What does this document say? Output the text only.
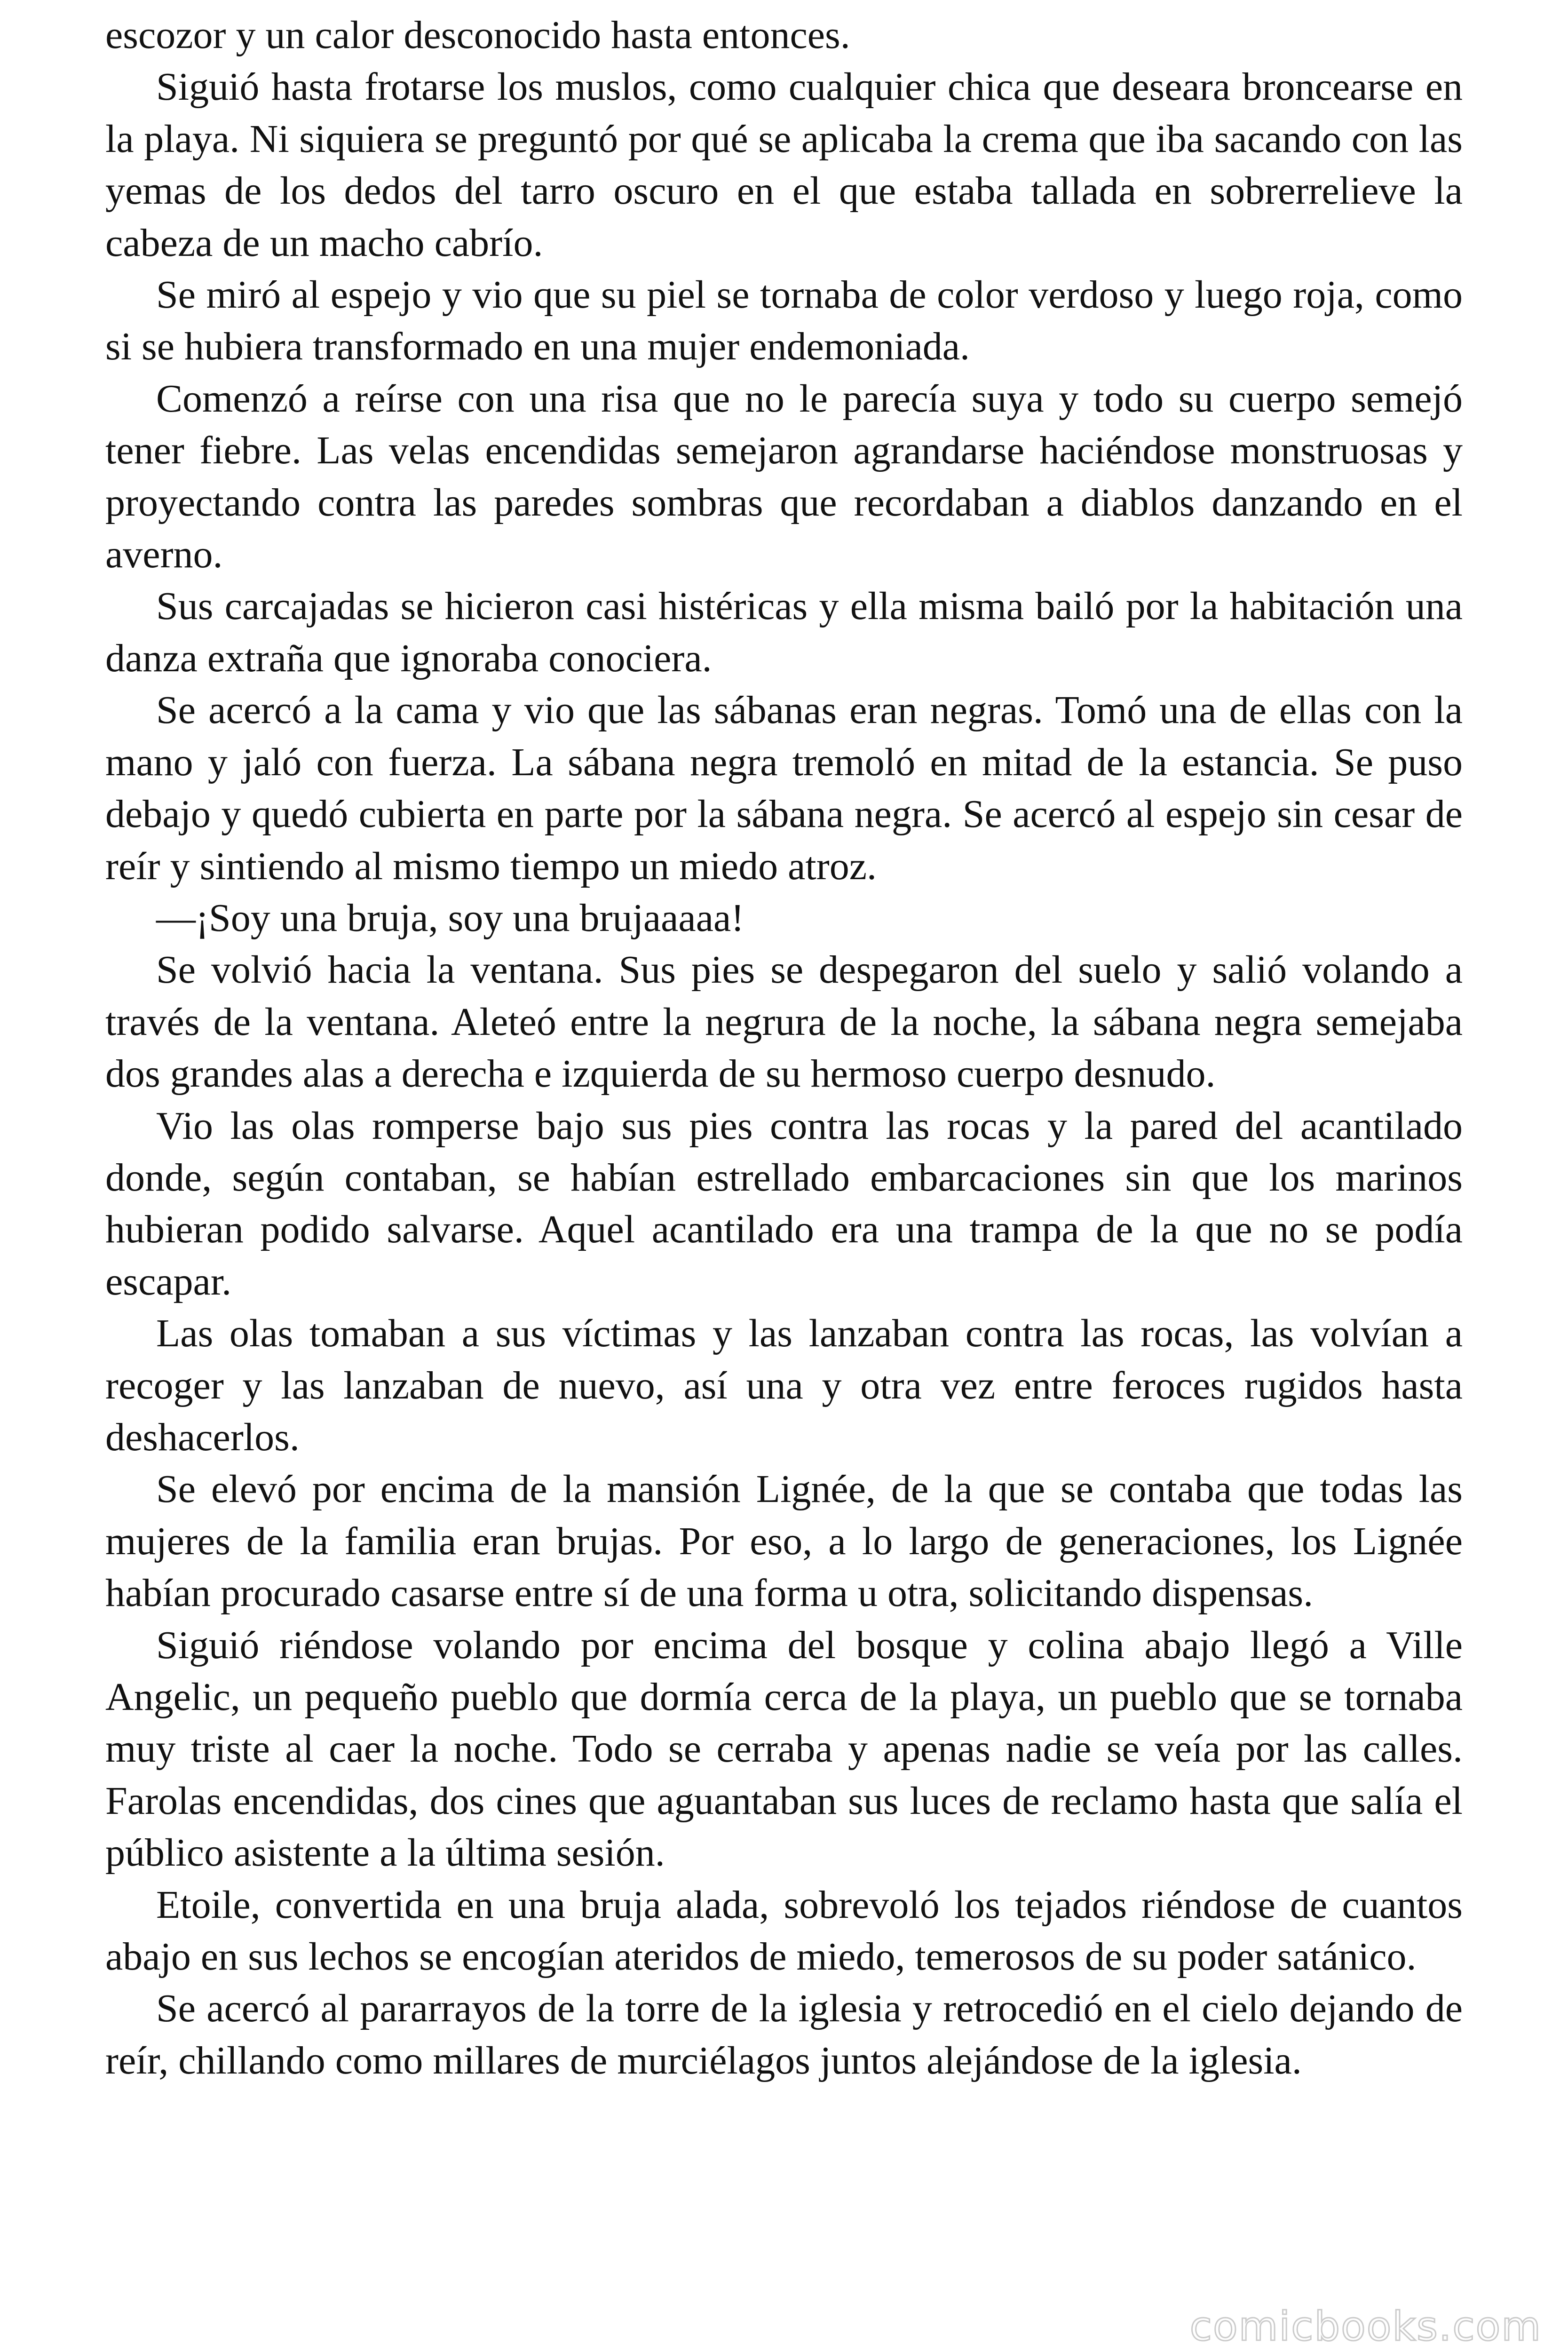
escozor y un calor desconocido hasta entonces.

Siguió hasta frotarse los muslos, como cualquier chica que deseara broncearse en la playa. Ni siquiera se preguntó por qué se aplicaba la crema que iba sacando con las yemas de los dedos del tarro oscuro en el que estaba tallada en sobrerrelieve la cabeza de un macho cabrío.

Se miró al espejo y vio que su piel se tornaba de color verdoso y luego roja, como si se hubiera transformado en una mujer endemoniada.

Comenzó a reírse con una risa que no le parecía suya y todo su cuerpo semejó tener fiebre. Las velas encendidas semejaron agrandarse haciéndose monstruosas y proyectando contra las paredes sombras que recordaban a diablos danzando en el averno.

Sus carcajadas se hicieron casi histéricas y ella misma bailó por la habitación una danza extraña que ignoraba conociera.

Se acercó a la cama y vio que las sábanas eran negras. Tomó una de ellas con la mano y jaló con fuerza. La sábana negra tremoló en mitad de la estancia. Se puso debajo y quedó cubierta en parte por la sábana negra. Se acercó al espejo sin cesar de reír y sintiendo al mismo tiempo un miedo atroz.

—¡Soy una bruja, soy una brujaaaaa!

Se volvió hacia la ventana. Sus pies se despegaron del suelo y salió volando a través de la ventana. Aleteó entre la negrura de la noche, la sábana negra semejaba dos grandes alas a derecha e izquierda de su hermoso cuerpo desnudo.

Vio las olas romperse bajo sus pies contra las rocas y la pared del acantilado donde, según contaban, se habían estrellado embarcaciones sin que los marinos hubieran podido salvarse. Aquel acantilado era una trampa de la que no se podía escapar.

Las olas tomaban a sus víctimas y las lanzaban contra las rocas, las volvían a recoger y las lanzaban de nuevo, así una y otra vez entre feroces rugidos hasta deshacerlos.

Se elevó por encima de la mansión Lignée, de la que se contaba que todas las mujeres de la familia eran brujas. Por eso, a lo largo de generaciones, los Lignée habían procurado casarse entre sí de una forma u otra, solicitando dispensas.

Siguió riéndose volando por encima del bosque y colina abajo llegó a Ville Angelic, un pequeño pueblo que dormía cerca de la playa, un pueblo que se tornaba muy triste al caer la noche. Todo se cerraba y apenas nadie se veía por las calles. Farolas encendidas, dos cines que aguantaban sus luces de reclamo hasta que salía el público asistente a la última sesión.

Etoile, convertida en una bruja alada, sobrevoló los tejados riéndose de cuantos abajo en sus lechos se encogían ateridos de miedo, temerosos de su poder satánico.

Se acercó al pararrayos de la torre de la iglesia y retrocedió en el cielo dejando de reír, chillando como millares de murciélagos juntos alejándose de la iglesia.

comicbooks.com
